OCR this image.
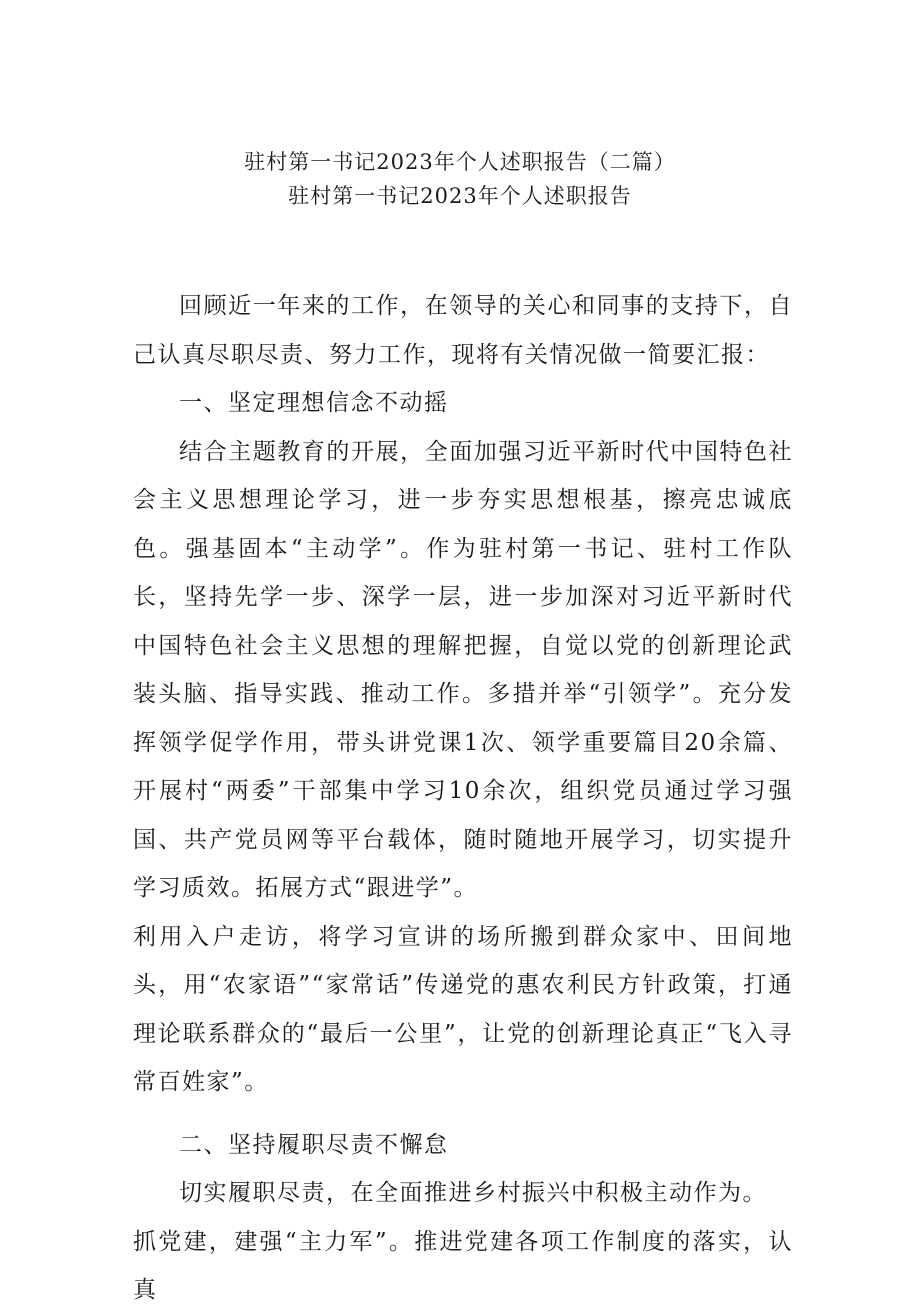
驻村第一书记2023年个人述职报告（二篇）
驻村第一书记2023年个人述职报告

回顾近一年来的工作，在领导的关心和同事的支持下，自己认真尽职尽责、努力工作，现将有关情况做一简要汇报：

一、坚定理想信念不动摇

结合主题教育的开展，全面加强习近平新时代中国特色社会主义思想理论学习，进一步夯实思想根基，擦亮忠诚底色。强基固本“主动学”。作为驻村第一书记、驻村工作队长，坚持先学一步、深学一层，进一步加深对习近平新时代中国特色社会主义思想的理解把握，自觉以党的创新理论武装头脑、指导实践、推动工作。多措并举“引领学”。充分发挥领学促学作用，带头讲党课1次、领学重要篇目20余篇、开展村“两委”干部集中学习10余次，组织党员通过学习强国、共产党员网等平台载体，随时随地开展学习，切实提升学习质效。拓展方式“跟进学”。

利用入户走访，将学习宣讲的场所搬到群众家中、田间地头，用“农家语”“家常话”传递党的惠农利民方针政策，打通理论联系群众的“最后一公里”，让党的创新理论真正“飞入寻常百姓家”。

二、坚持履职尽责不懈怠

切实履职尽责，在全面推进乡村振兴中积极主动作为。

抓党建，建强“主力军”。推进党建各项工作制度的落实，认真
